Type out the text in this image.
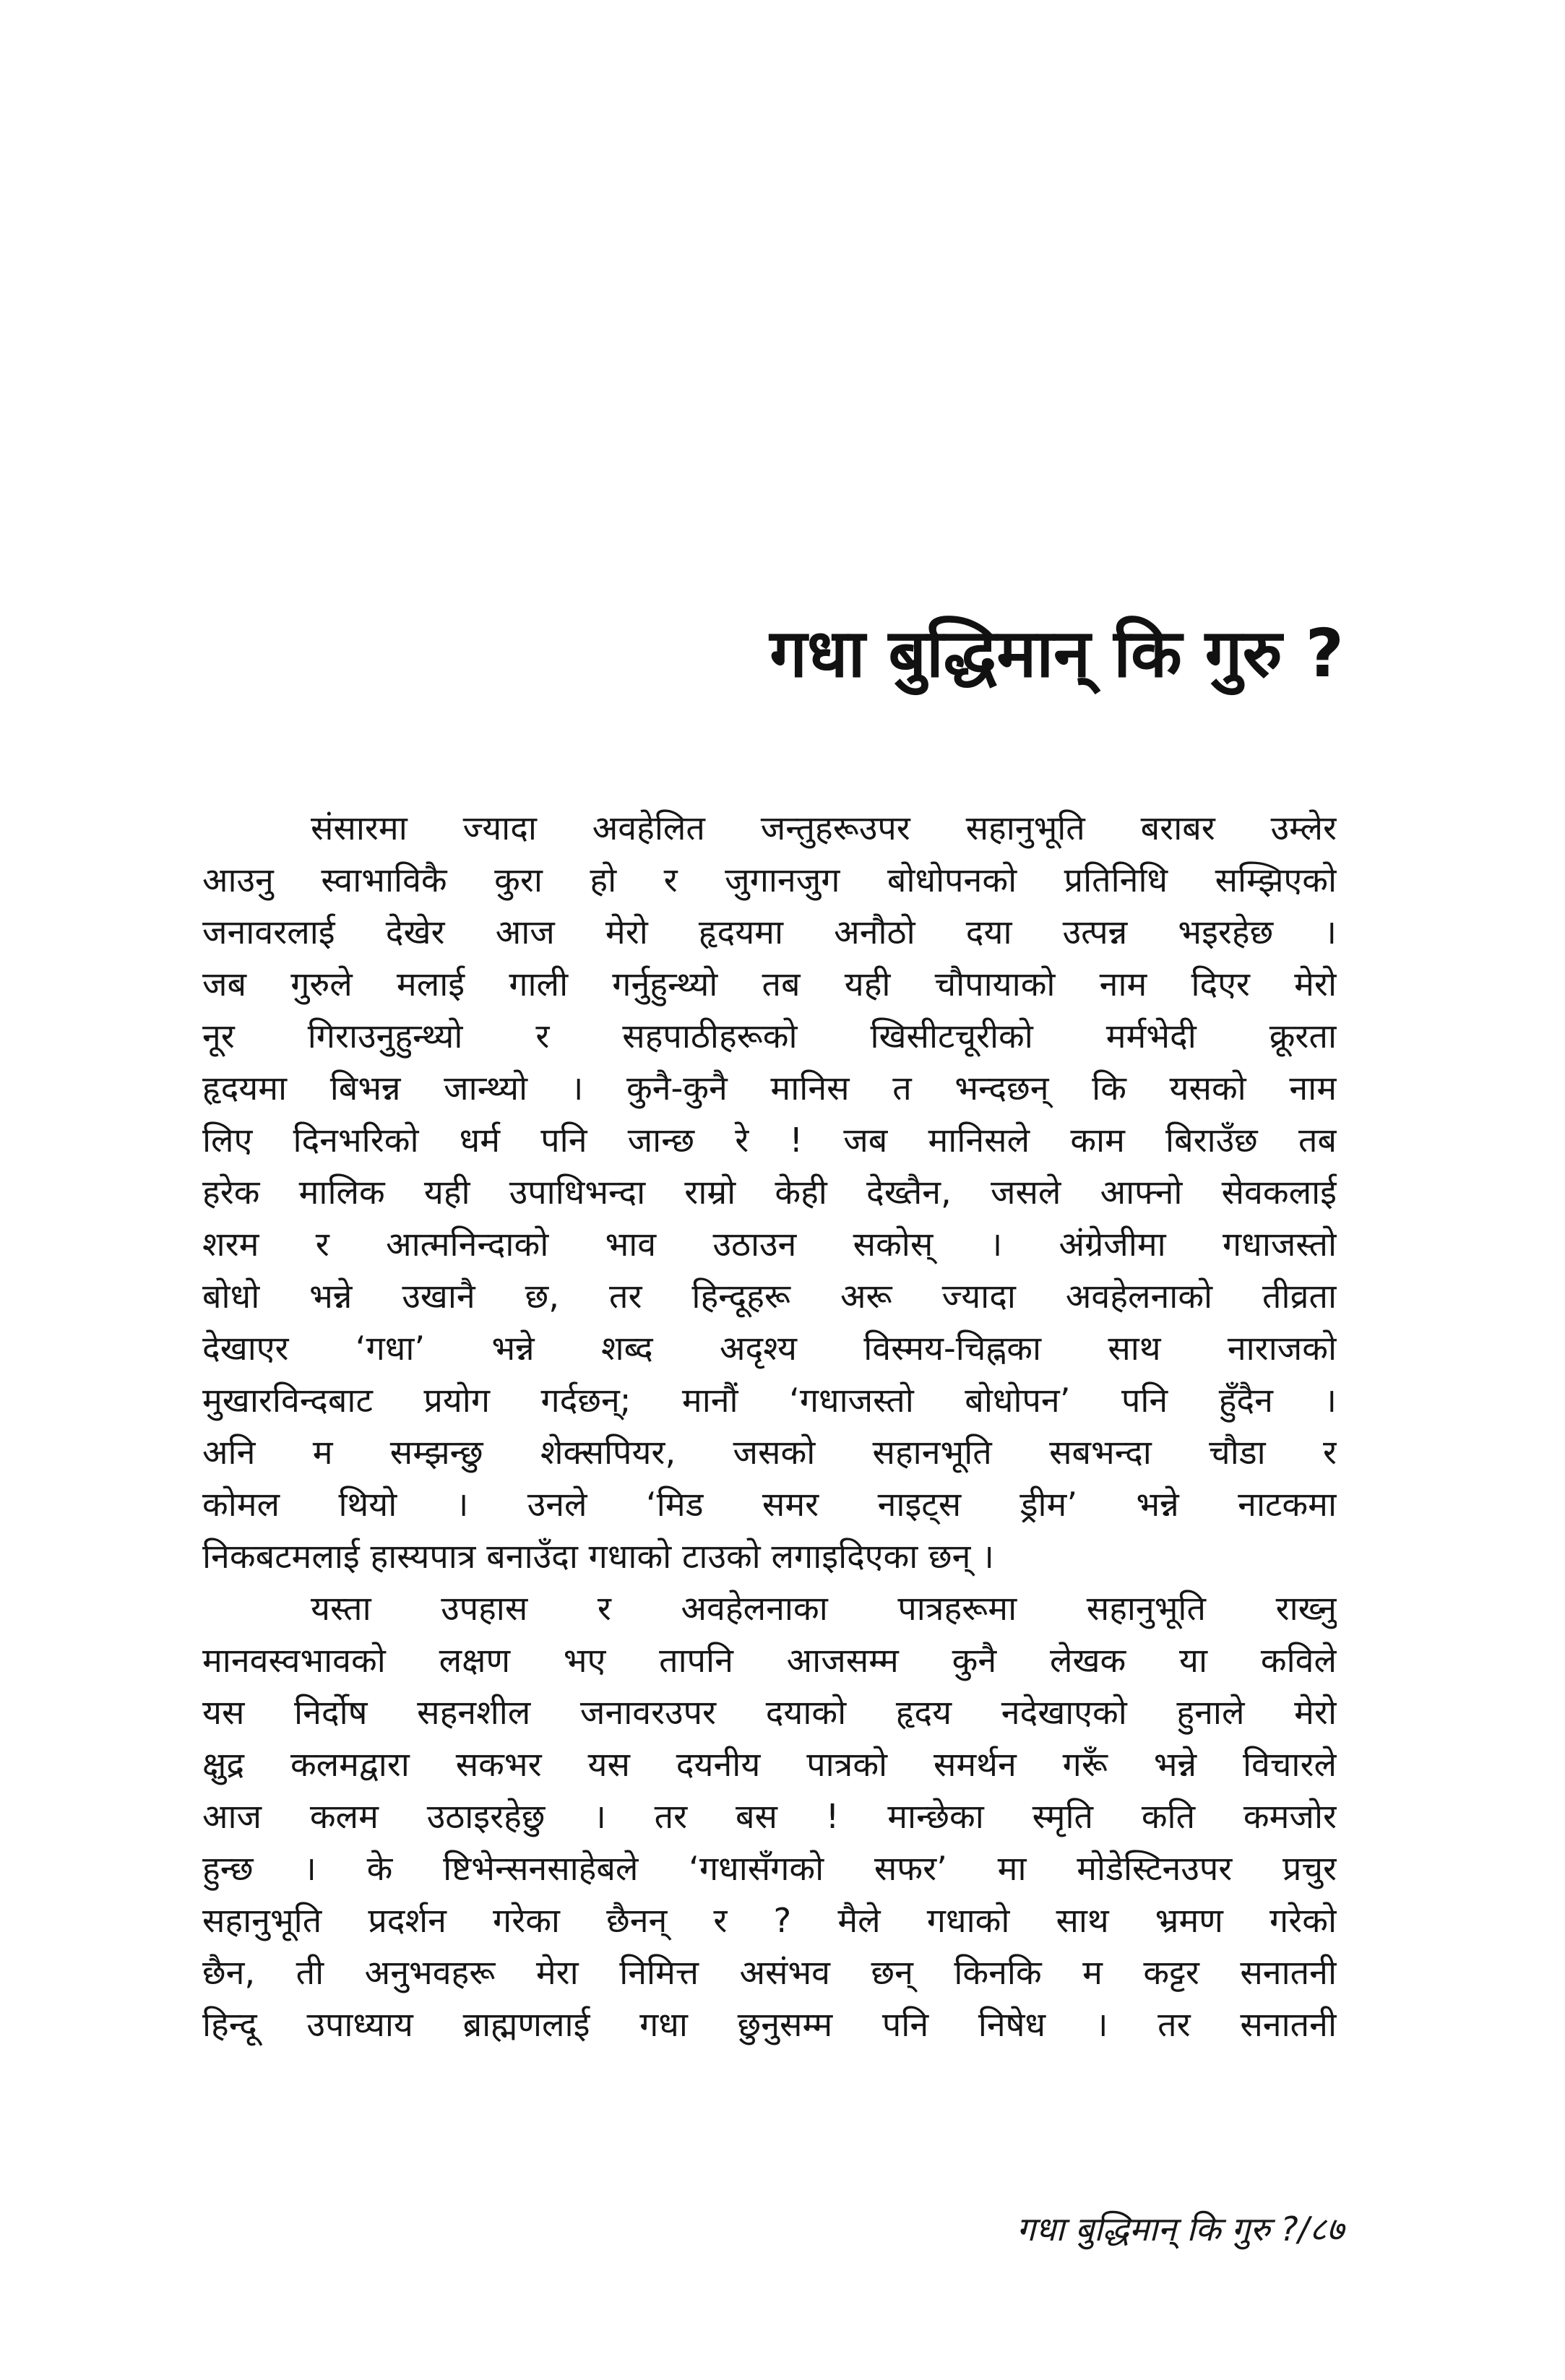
गधा बुद्धिमान् कि गुरु ?
संसारमा ज्यादा अवहेलित जन्तुहरूउपर सहानुभूति बराबर उम्लेर
आउनु स्वाभाविकै कुरा हो र जुगानजुग बोधोपनको प्रतिनिधि सम्झिएको
जनावरलाई देखेर आज मेरो हृदयमा अनौठो दया उत्पन्न भइरहेछ ।
जब गुरुले मलाई गाली गर्नुहुन्थ्यो तब यही चौपायाको नाम दिएर मेरो
नूर गिराउनुहुन्थ्यो र सहपाठीहरूको खिसीटचूरीको मर्मभेदी क्रूरता
हृदयमा बिभन्न जान्थ्यो । कुनै-कुनै मानिस त भन्दछन् कि यसको नाम
लिए दिनभरिको धर्म पनि जान्छ रे ! जब मानिसले काम बिराउँछ तब
हरेक मालिक यही उपाधिभन्दा राम्रो केही देख्तैन, जसले आफ्नो सेवकलाई
शरम र आत्मनिन्दाको भाव उठाउन सकोस् । अंग्रेजीमा गधाजस्तो
बोधो भन्ने उखानै छ, तर हिन्दूहरू अरू ज्यादा अवहेलनाको तीव्रता
देखाएर ‘गधा’ भन्ने शब्द अदृश्य विस्मय-चिह्नका साथ नाराजको
मुखारविन्दबाट प्रयोग गर्दछन्; मानौं ‘गधाजस्तो बोधोपन’ पनि हुँदैन ।
अनि म सम्झन्छु शेक्सपियर, जसको सहानभूति सबभन्दा चौडा र
कोमल थियो । उनले ‘मिड समर नाइट्स ड्रीम’ भन्ने नाटकमा
निकबटमलाई हास्यपात्र बनाउँदा गधाको टाउको लगाइदिएका छन् ।
यस्ता उपहास र अवहेलनाका पात्रहरूमा सहानुभूति राख्नु
मानवस्वभावको लक्षण भए तापनि आजसम्म कुनै लेखक या कविले
यस निर्दोष सहनशील जनावरउपर दयाको हृदय नदेखाएको हुनाले मेरो
क्षुद्र कलमद्वारा सकभर यस दयनीय पात्रको समर्थन गरूँ भन्ने विचारले
आज कलम उठाइरहेछु । तर बस ! मान्छेका स्मृति कति कमजोर
हुन्छ । के ष्टिभेन्सनसाहेबले ‘गधासँगको सफर’ मा मोडेस्टिनउपर प्रचुर
सहानुभूति प्रदर्शन गरेका छैनन् र ? मैले गधाको साथ भ्रमण गरेको
छैन, ती अनुभवहरू मेरा निमित्त असंभव छन् किनकि म कट्टर सनातनी
हिन्दू उपाध्याय ब्राह्मणलाई गधा छुनुसम्म पनि निषेध । तर सनातनी
गधा बुद्धिमान् कि गुरु ?/८७
